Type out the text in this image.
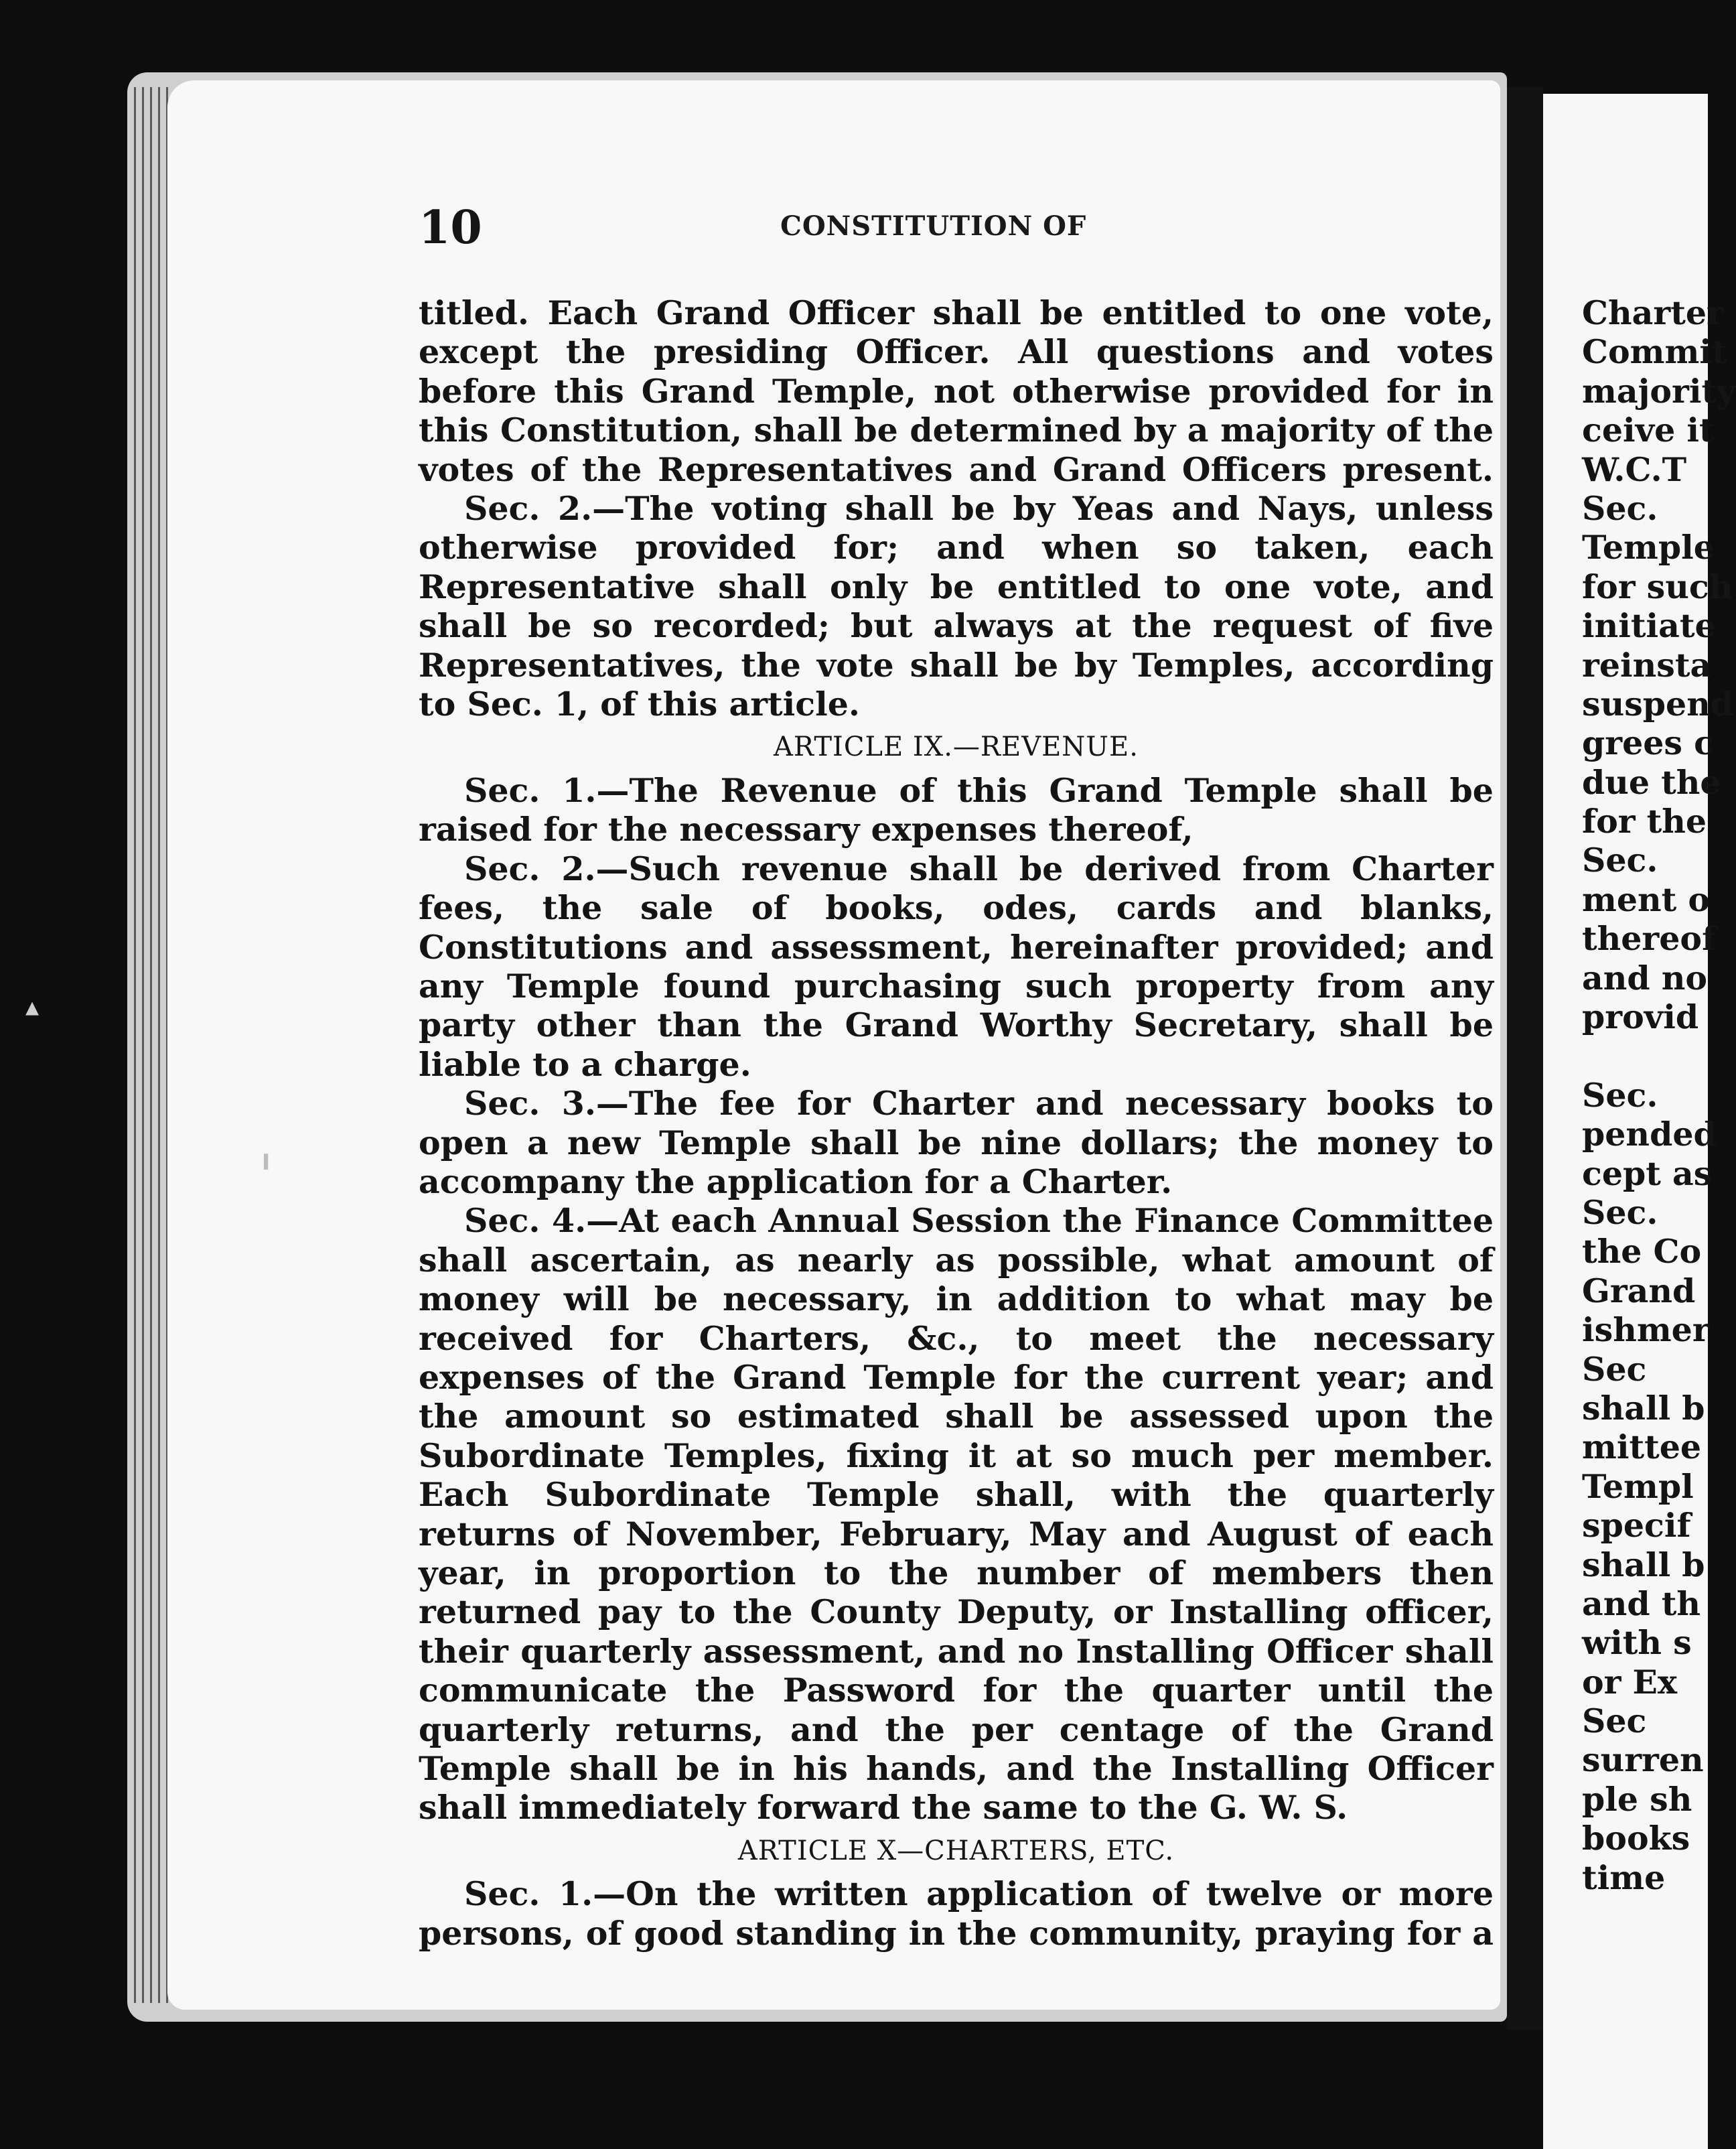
10	CONSTITUTION OF

titled. Each Grand Officer shall be entitled to one vote, except the presiding Officer. All questions and votes before this Grand Temple, not otherwise provided for in this Constitution, shall be determined by a majority of the votes of the Representatives and Grand Officers present.

Sec. 2.—The voting shall be by Yeas and Nays, unless otherwise provided for; and when so taken, each Representative shall only be entitled to one vote, and shall be so recorded; but always at the request of five Representatives, the vote shall be by Temples, according to Sec. 1, of this article.

ARTICLE IX.—REVENUE.

Sec. 1.—The Revenue of this Grand Temple shall be raised for the necessary expenses thereof,

Sec. 2.—Such revenue shall be derived from Charter fees, the sale of books, odes, cards and blanks, Constitutions and assessment, hereinafter provided; and any Temple found purchasing such property from any party other than the Grand Worthy Secretary, shall be liable to a charge.

Sec. 3.—The fee for Charter and necessary books to open a new Temple shall be nine dollars; the money to accompany the application for a Charter.

Sec. 4.—At each Annual Session the Finance Committee shall ascertain, as nearly as possible, what amount of money will be necessary, in addition to what may be received for Charters, &c., to meet the necessary expenses of the Grand Temple for the current year; and the amount so estimated shall be assessed upon the Subordinate Temples, fixing it at so much per member. Each Subordinate Temple shall, with the quarterly returns of November, February, May and August of each year, in proportion to the number of members then returned pay to the County Deputy, or Installing officer, their quarterly assessment, and no Installing Officer shall communicate the Password for the quarter until the quarterly returns, and the per centage of the Grand Temple shall be in his hands, and the Installing Officer shall immediately forward the same to the G. W. S.

ARTICLE X—CHARTERS, ETC.

Sec. 1.—On the written application of twelve or more persons, of good standing in the community, praying for a

Charter
Commit
majority
ceive it
W.C.T
Sec.
Temple
for such
initiate
reinsta
suspend
grees c
due the
for the
Sec.
ment o
thereof
and no
provid
Sec.
pended
cept as
Sec.
the Co
Grand
ishmer
Sec
shall b
mittee
Templ
specif
shall b
and th
with s
or Ex
Sec
surren
ple sh
books
time
▴
╻
